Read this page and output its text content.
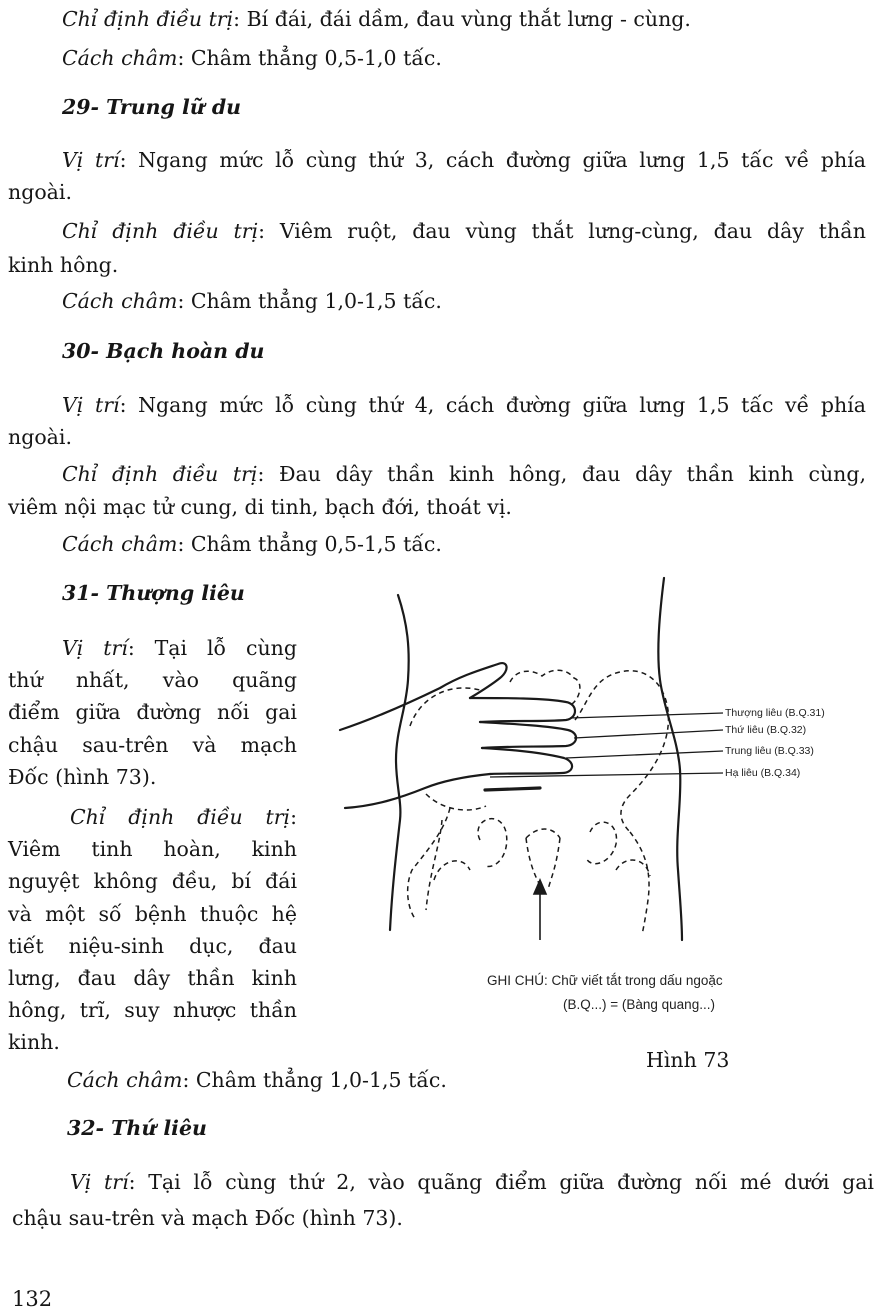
Chỉ định điều trị: Bí đái, đái dầm, đau vùng thắt lưng - cùng.
Cách châm: Châm thẳng 0,5-1,0 tấc.
29- Trung lữ du
Vị trí: Ngang mức lỗ cùng thứ 3, cách đường giữa lưng 1,5 tấc về phía
ngoài.
Chỉ định điều trị: Viêm ruột, đau vùng thắt lưng-cùng, đau dây thần
kinh hông.
Cách châm: Châm thẳng 1,0-1,5 tấc.
30- Bạch hoàn du
Vị trí: Ngang mức lỗ cùng thứ 4, cách đường giữa lưng 1,5 tấc về phía
ngoài.
Chỉ định điều trị: Đau dây thần kinh hông, đau dây thần kinh cùng,
viêm nội mạc tử cung, di tinh, bạch đới, thoát vị.
Cách châm: Châm thẳng 0,5-1,5 tấc.
31- Thượng liêu
Vị trí: Tại lỗ cùng
thứ nhất, vào quãng
điểm giữa đường nối gai
chậu sau-trên và mạch
Đốc (hình 73).
Chỉ định điều trị:
Viêm tinh hoàn, kinh
nguyệt không đều, bí đái
và một số bệnh thuộc hệ
tiết niệu-sinh dục, đau
lưng, đau dây thần kinh
hông, trĩ, suy nhược thần
kinh.
Cách châm: Châm thẳng 1,0-1,5 tấc.
Thượng liêu (B.Q.31)
Thứ liêu (B.Q.32)
Trung liêu (B.Q.33)
Hạ liêu (B.Q.34)
GHI CHÚ: Chữ viết tắt trong dấu ngoặc
(B.Q...) = (Bàng quang...)
Hình 73
32- Thứ liêu
Vị trí: Tại lỗ cùng thứ 2, vào quãng điểm giữa đường nối mé dưới gai
chậu sau-trên và mạch Đốc (hình 73).
132
